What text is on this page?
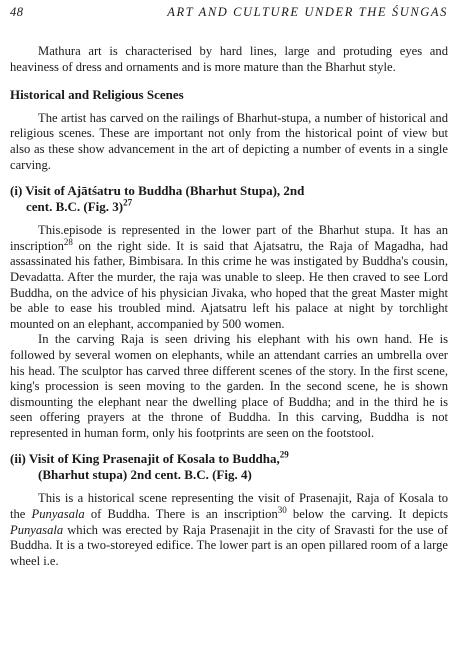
48	ART AND CULTURE UNDER THE ŚUNGAS

Mathura art is characterised by hard lines, large and protuding eyes and heaviness of dress and ornaments and is more mature than the Bharhut style.

Historical and Religious Scenes

The artist has carved on the railings of Bharhut-stupa, a number of historical and religious scenes. These are important not only from the historical point of view but also as these show advancement in the art of depicting a number of events in a single carving.

(i) Visit of Ajātśatru to Buddha (Bharhut Stupa), 2nd
cent. B.C. (Fig. 3)$^{27}$

This.episode is represented in the lower part of the Bharhut stupa. It has an inscription$^{28}$ on the right side. It is said that Ajatsatru, the Raja of Magadha, had assassinated his father, Bimbisara. In this crime he was instigated by Buddha's cousin, Devadatta. After the murder, the raja was unable to sleep. He then craved to see Lord Buddha, on the advice of his physician Jivaka, who hoped that the great Master might be able to ease his troubled mind. Ajatsatru left his palace at night by torchlight mounted on an elephant, accompanied by 500 women.

In the carving Raja is seen driving his elephant with his own hand. He is followed by several women on elephants, while an attendant carries an umbrella over his head. The sculptor has carved three different scenes of the story. In the first scene, king's procession is seen moving to the garden. In the second scene, he is shown dismounting the elephant near the dwelling place of Buddha; and in the third he is seen offering prayers at the throne of Buddha. In this carving, Buddha is not represented in human form, only his footprints are seen on the footstool.

(ii) Visit of King Prasenajit of Kosala to Buddha,$^{29}$
(Bharhut stupa) 2nd cent. B.C. (Fig. 4)

This is a historical scene representing the visit of Prasenajit, Raja of Kosala to the Punyasala of Buddha. There is an inscription$^{30}$ below the carving. It depicts Punyasala which was erected by Raja Prasenajit in the city of Sravasti for the use of Buddha. It is a two-storeyed edifice. The lower part is an open pillared room of a large wheel i.e.
